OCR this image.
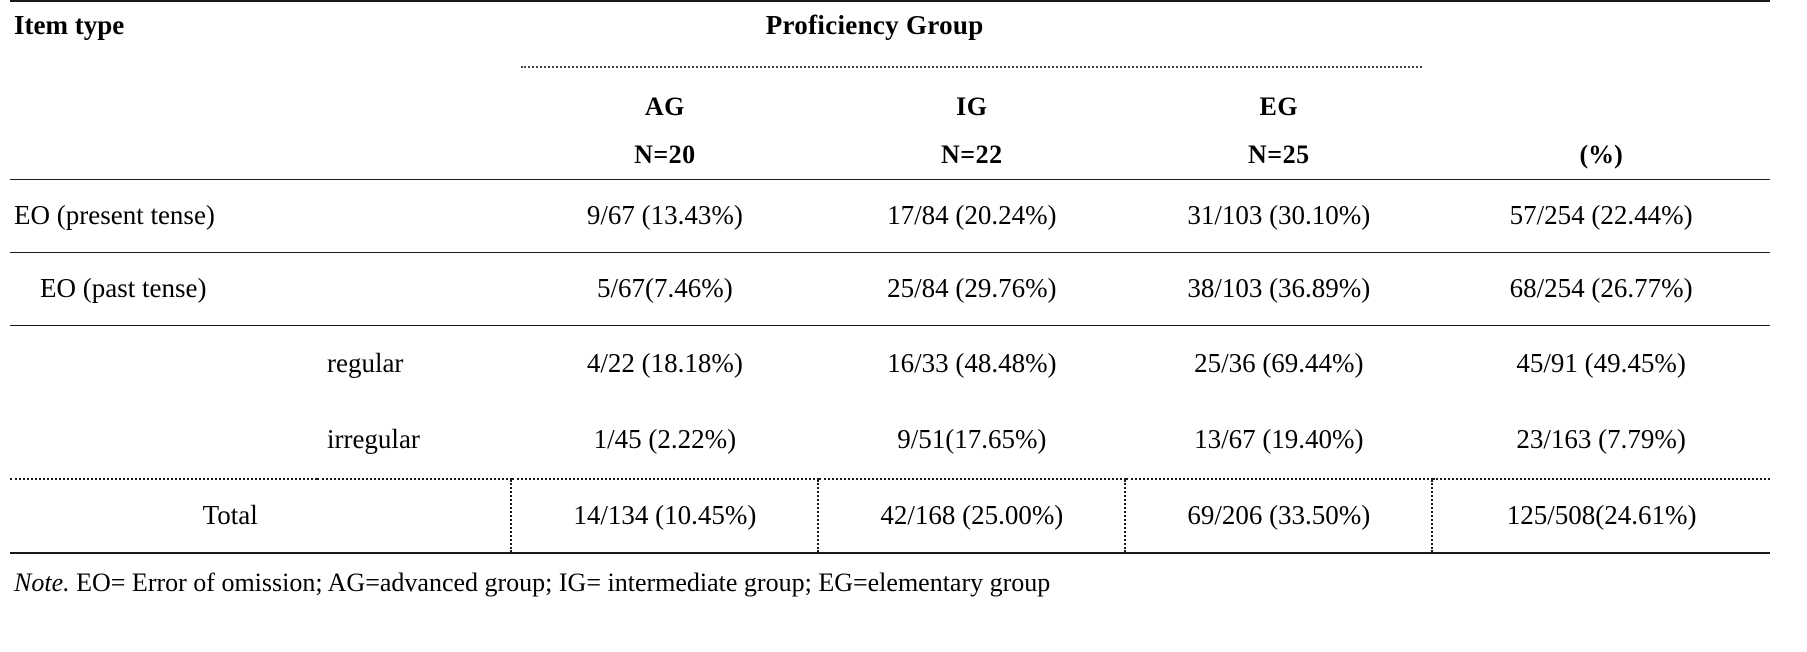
Item type	Proficiency Group				

		AG	IG	EG	
		N=20	N=22	N=25	(%)
EO (present tense)		9/67 (13.43%)	17/84 (20.24%)	31/103 (30.10%)	57/254 (22.44%)
EO (past tense)		5/67(7.46%)	25/84 (29.76%)	38/103 (36.89%)	68/254 (26.77%)
	regular	4/22 (18.18%)	16/33 (48.48%)	25/36 (69.44%)	45/91 (49.45%)
	irregular	1/45 (2.22%)	9/51(17.65%)	13/67 (19.40%)	23/163 (7.79%)
Total		14/134 (10.45%)	42/168 (25.00%)	69/206 (33.50%)	125/508(24.61%)
Note. EO= Error of omission; AG=advanced group; IG= intermediate group; EG=elementary group
